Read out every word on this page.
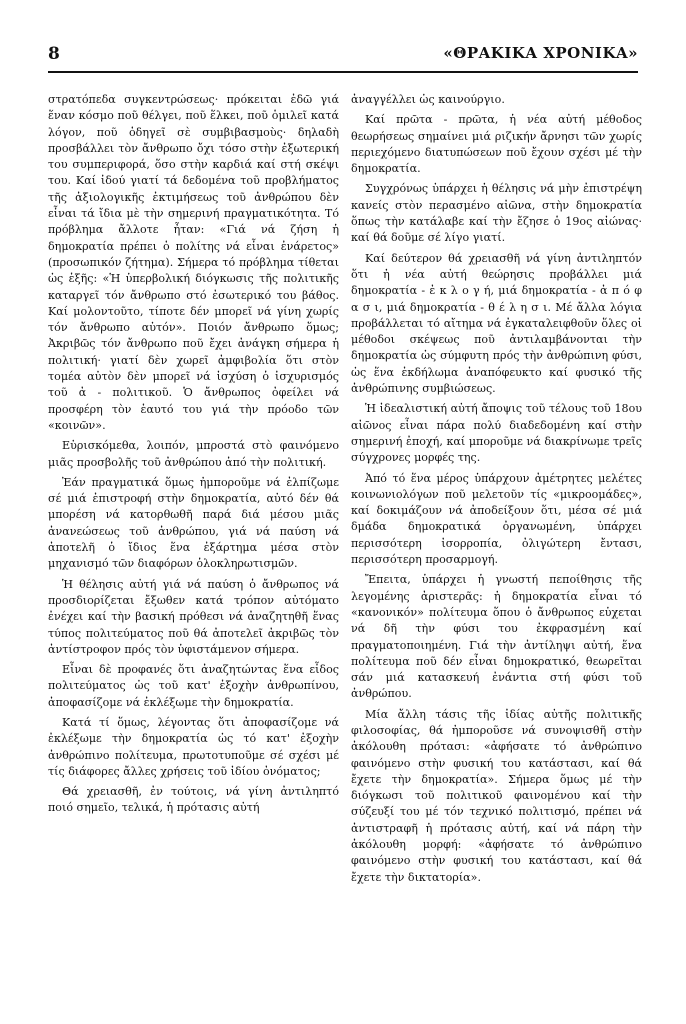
8	«ΘΡΑΚΙΚΑ ΧΡΟΝΙΚΑ»

στρατόπεδα συγκεντρώσεως· πρόκειται ἐδῶ γιά ἕναν κόσμο ποῦ θέλγει, ποῦ ἕλκει, ποῦ ὁμιλεῖ κατά λόγον, ποῦ ὁδηγεῖ σὲ συμβιβασμοὺς· δηλαδὴ προσβάλλει τὸν ἄνθρωπο ὄχι τόσο στὴν ἐξωτερική του συμπεριφορά, ὅσο στὴν καρδιά καί στή σκέψι του. Καί ἰδού γιατί τά δεδομένα τοῦ προβλήματος τῆς ἀξιολογικῆς ἐκτιμήσεως τοῦ ἀνθρώπου δὲν εἶναι τά ἴδια μὲ τὴν σημερινή πραγματικότητα. Τό πρόβλημα ἄλλοτε ἦταν: «Γιά νά ζήση ἡ δημοκρατία πρέπει ὁ πολίτης νά εἶναι ἐνάρετος» (προσωπικόν ζήτημα). Σήμερα τό πρόβλημα τίθεται ὡς ἑξῆς: «Ἡ ὑπερβολική διόγκωσις τῆς πολιτικῆς καταργεῖ τόν ἄνθρωπο στό ἐσωτερικό του βάθος. Καί μολοντοῦτο, τίποτε δέν μπορεῖ νά γίνη χωρίς τόν ἄνθρωπο αὐτόν». Ποιόν ἄνθρωπο ὅμως; Ἀκριβῶς τόν ἄνθρωπο ποῦ ἔχει ἀνάγκη σήμερα ἡ πολιτική· γιατί δὲν χωρεῖ ἀμφιβολία ὅτι στὸν τομέα αὐτὸν δὲν μπορεῖ νά ἰσχύση ὁ ἰσχυρισμός τοῦ ἀ - πολιτικοῦ. Ὁ ἄνθρωπος ὀφείλει νά προσφέρη τὸν ἑαυτό του γιά τὴν πρόοδο τῶν «κοινῶν».

Εὑρισκόμεθα, λοιπόν, μπροστά στὸ φαινόμενο μιᾶς προσβολῆς τοῦ ἀνθρώπου ἀπό τὴν πολιτική.

Ἐάν πραγματικά ὅμως ἠμποροῦμε νά ἐλπίζωμε σέ μιά ἐπιστροφή στὴν δημοκρατία, αὐτό δέν θά μπορέση νά κατορθωθῆ παρά διά μέσου μιᾶς ἀνανεώσεως τοῦ ἀνθρώπου, γιά νά παύση νά ἀποτελῆ ὁ ἴδιος ἕνα ἐξάρτημα μέσα στὸν μηχανισμό τῶν διαφόρων ὁλοκληρωτισμῶν.

Ἡ θέλησις αὐτή γιά νά παύση ὁ ἄνθρωπος νά προσδιορίζεται ἔξωθεν κατά τρόπον αὐτόματο ἐνέχει καί τὴν βασική πρόθεσι νά ἀναζητηθῆ ἕνας τύπος πολιτεύματος ποῦ θά ἀποτελεῖ ἀκριβῶς τὸν ἀντίστροφον πρός τὸν ὑφιστάμενον σήμερα.

Εἶναι δὲ προφανές ὅτι ἀναζητώντας ἕνα εἶδος πολιτεύματος ὡς τοῦ κατ' ἐξοχὴν ἀνθρωπίνου, ἀποφασίζομε νά ἐκλέξωμε τὴν δημοκρατία.

Κατά τί ὅμως, λέγοντας ὅτι ἀποφασίζομε νά ἐκλέξωμε τὴν δημοκρατία ὡς τό κατ' ἐξοχὴν ἀνθρώπινο πολίτευμα, πρωτοτυποῦμε σέ σχέσι μέ τίς διάφορες ἄλλες χρήσεις τοῦ ἰδίου ὀνόματος;

Θά χρειασθῆ, ἐν τούτοις, νά γίνη ἀντιληπτό ποιό σημεῖο, τελικά, ἡ πρότασις αὐτή

ἀναγγέλλει ὡς καινούργιο.

Καί πρῶτα - πρῶτα, ἡ νέα αὐτή μέθοδος θεωρήσεως σημαίνει μιά ριζικήν ἄρνησι τῶν χωρίς περιεχόμενο διατυπώσεων ποῦ ἔχουν σχέσι μέ τὴν δημοκρατία.

Συγχρόνως ὑπάρχει ἡ θέλησις νά μὴν ἐπιστρέψη κανείς στὸν περασμένο αἰῶνα, στὴν δημοκρατία ὅπως τὴν κατάλαβε καί τὴν ἔζησε ὁ 19ος αἰώνας· καί θά δοῦμε σέ λίγο γιατί.

Καί δεύτερον θά χρειασθῆ νά γίνη ἀντιληπτόν ὅτι ἡ νέα αὐτή θεώρησις προβάλλει μιά δημοκρατία - ἐ κ λ ο γ ή, μιά δημοκρατία - ἀ π ό φ α σ ι, μιά δημοκρατία - θ έ λ η σ ι. Μέ ἄλλα λόγια προβάλλεται τό αἴτημα νά ἐγκαταλειφθοῦν ὅλες οἱ μέθοδοι σκέψεως ποῦ ἀντιλαμβάνονται τὴν δημοκρατία ὡς σύμφυτη πρός τὴν ἀνθρώπινη φύσι, ὡς ἕνα ἐκδήλωμα ἀναπόφευκτο καί φυσικό τῆς ἀνθρώπινης συμβιώσεως.

Ἡ ἰδεαλιστική αὐτή ἄποψις τοῦ τέλους τοῦ 18ου αἰῶνος εἶναι πάρα πολύ διαδεδομένη καί στὴν σημερινή ἐποχή, καί μποροῦμε νά διακρίνωμε τρεῖς σύγχρονες μορφές της.

Ἀπό τό ἕνα μέρος ὑπάρχουν ἀμέτρητες μελέτες κοινωνιολόγων ποῦ μελετοῦν τίς «μικροομάδες», καί δοκιμάζουν νά ἀποδείξουν ὅτι, μέσα σέ μιά δμάδα δημοκρατικά ὀργανωμένη, ὑπάρχει περισσότερη ἰσορροπία, ὀλιγώτερη ἔντασι, περισσότερη προσαρμογή.

Ἔπειτα, ὑπάρχει ἡ γνωστή πεποίθησις τῆς λεγομένης ἀριστερᾶς: ἡ δημοκρατία εἶναι τό «κανονικόν» πολίτευμα ὅπου ὁ ἄνθρωπος εὑχεται νά δῆ τὴν φύσι του ἐκφρασμένη καί πραγματοποιημένη. Γιά τὴν ἀντίληψι αὐτή, ἕνα πολίτευμα ποῦ δέν εἶναι δημοκρατικό, θεωρεῖται σάν μιά κατασκευή ἐνάντια στή φύσι τοῦ ἀνθρώπου.

Μία ἄλλη τάσις τῆς ἰδίας αὐτῆς πολιτικῆς φιλοσοφίας, θά ἠμποροῦσε νά συνοψισθῆ στὴν ἀκόλουθη πρότασι: «ἀφήσατε τό ἀνθρώπινο φαινόμενο στὴν φυσική του κατάστασι, καί θά ἔχετε τὴν δημοκρατία». Σήμερα ὅμως μέ τὴν διόγκωσι τοῦ πολιτικοῦ φαινομένου καί τὴν σύζευξί του μέ τόν τεχνικό πολιτισμό, πρέπει νά ἀντιστραφῆ ἡ πρότασις αὐτή, καί νά πάρη τὴν ἀκόλουθη μορφή: «ἀφήσατε τό ἀνθρώπινο φαινόμενο στὴν φυσική του κατάστασι, καί θά ἔχετε τὴν δικτατορία».
